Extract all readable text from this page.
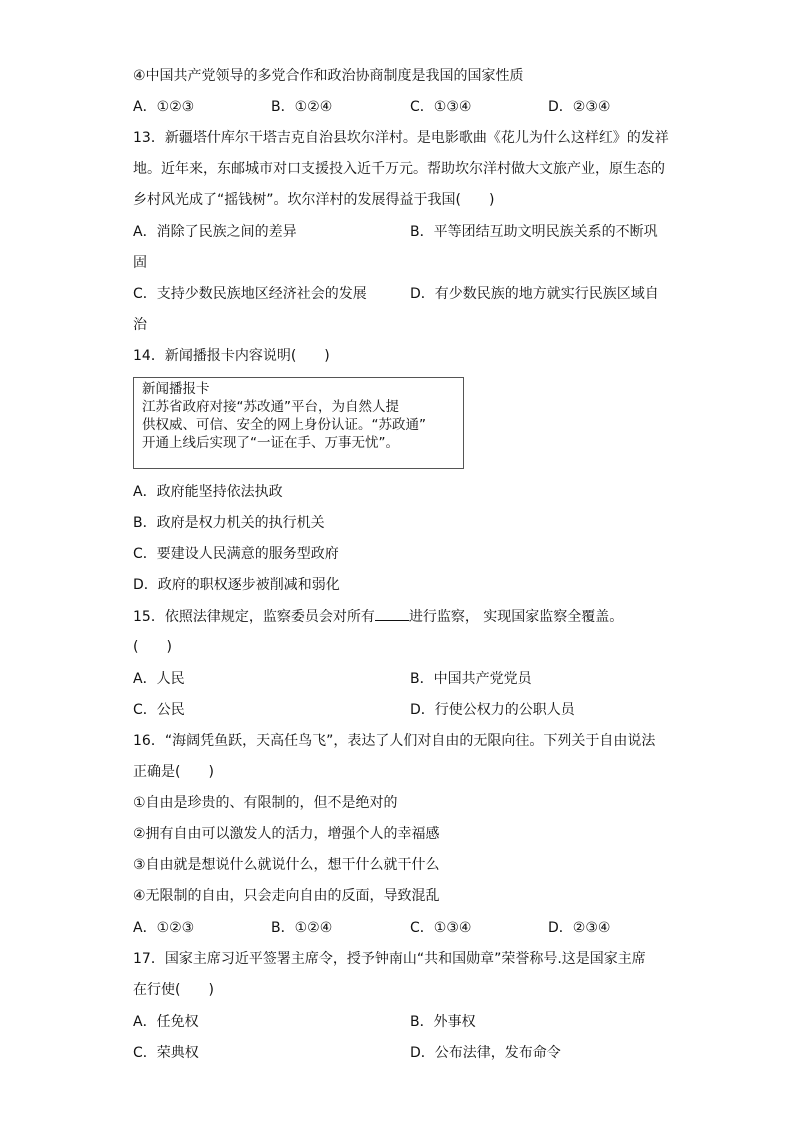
④中国共产党领导的多党合作和政治协商制度是我国的国家性质
A．①②③	B．①②④	C．①③④	D．②③④
13．新疆塔什库尔干塔吉克自治县坎尔洋村。是电影歌曲《花儿为什么这样红》的发祥
地。近年来，东邮城市对口支援投入近千万元。帮助坎尔洋村做大文旅产业，原生态的
乡村风光成了“摇钱树”。坎尔洋村的发展得益于我国(　　)
A．消除了民族之间的差异	B．平等团结互助文明民族关系的不断巩
固
C．支持少数民族地区经济社会的发展	D．有少数民族的地方就实行民族区域自
治
14．新闻播报卡内容说明(　　)
新闻播报卡
江苏省政府对接“苏改通”平台，为自然人提
供权威、可信、安全的网上身份认证。“苏政通”
开通上线后实现了“一证在手、万事无忧”。
A．政府能坚持依法执政
B．政府是权力机关的执行机关
C．要建设人民满意的服务型政府
D．政府的职权逐步被削减和弱化
15．依照法律规定，监察委员会对所有 进行监察， 实现国家监察全覆盖。
(　　)
A．人民	B．中国共产党党员
C．公民	D．行使公权力的公职人员
16．“海阔凭鱼跃，天高任鸟飞”，表达了人们对自由的无限向往。下列关于自由说法
正确是(　　)
①自由是珍贵的、有限制的，但不是绝对的
②拥有自由可以激发人的活力，增强个人的幸福感
③自由就是想说什么就说什么，想干什么就干什么
④无限制的自由，只会走向自由的反面，导致混乱
A．①②③	B．①②④	C．①③④	D．②③④
17．国家主席习近平签署主席令，授予钟南山“共和国勋章”荣誉称号.这是国家主席
在行使(　　)
A．任免权	B．外事权
C．荣典权	D．公布法律，发布命令
